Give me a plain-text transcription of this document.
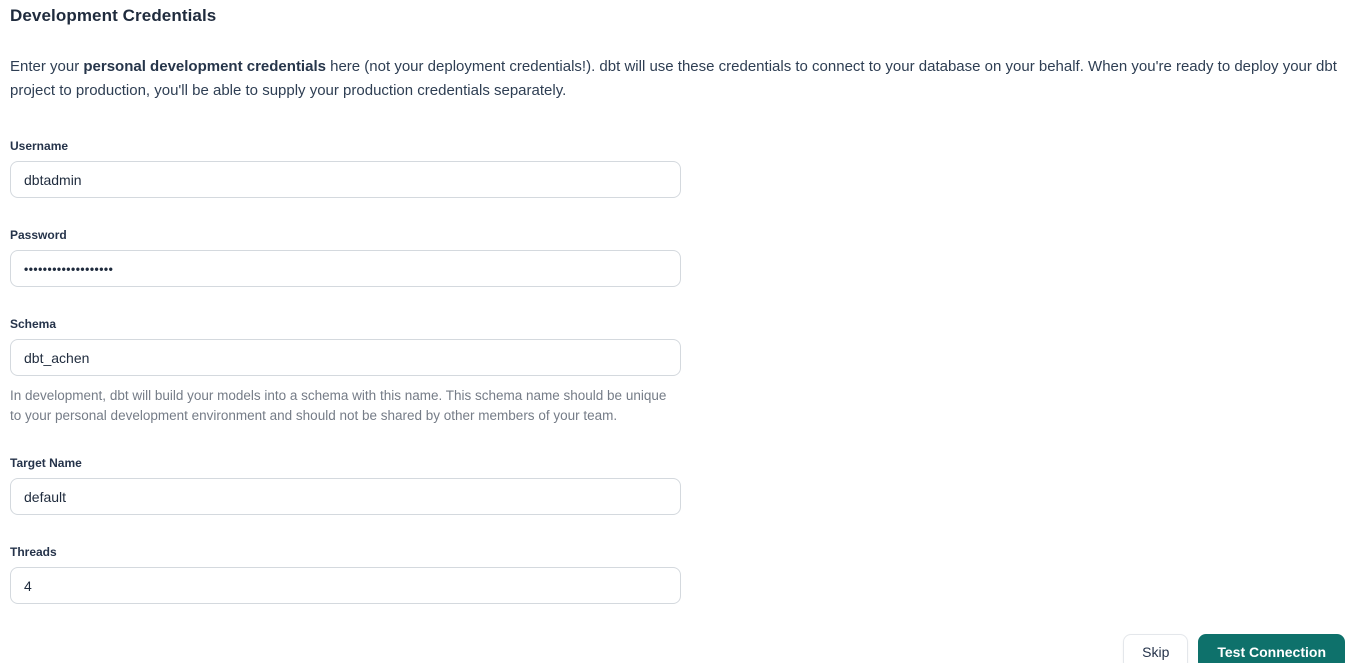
Development Credentials

Enter your personal development credentials here (not your deployment credentials!). dbt will use these credentials to connect to your database on your behalf. When you're ready to deploy your dbt project to production, you'll be able to supply your production credentials separately.

Username
dbtadmin
Password
•••••••••••••••••••
Schema
dbt_achen

In development, dbt will build your models into a schema with this name. This schema name should be unique to your personal development environment and should not be shared by other members of your team.

Target Name
default
Threads
4
Skip	Test Connection
